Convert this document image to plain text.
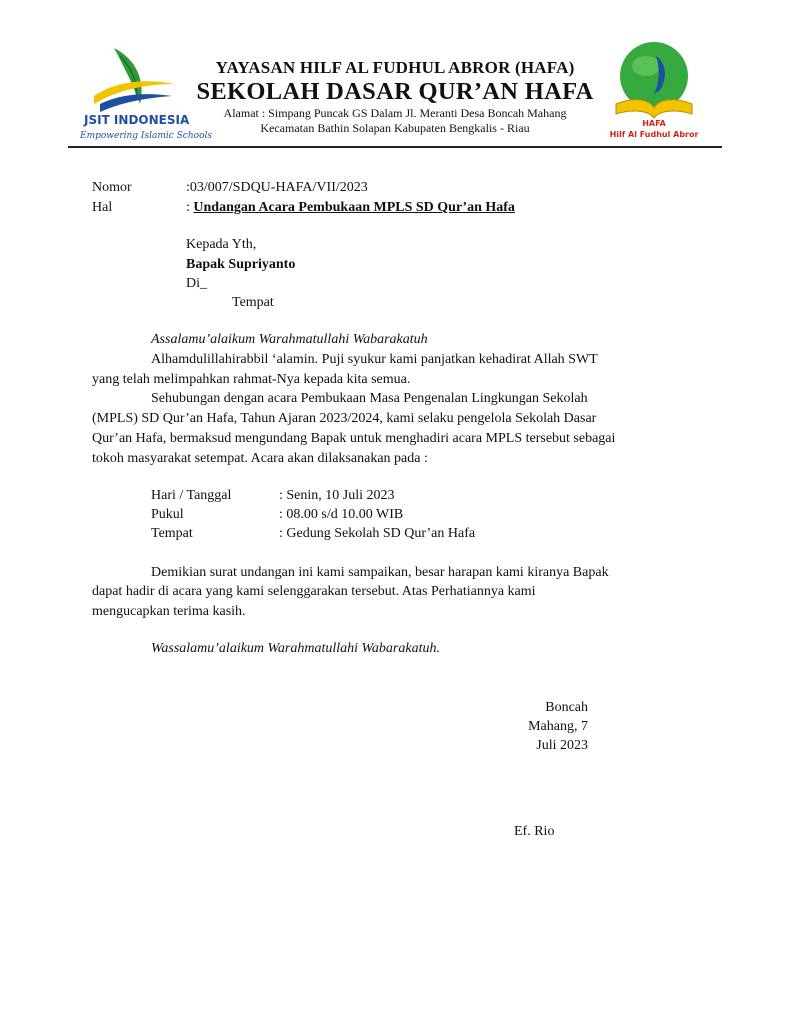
JSIT INDONESIA
Empowering Islamic Schools
HAFA
Hilf Al Fudhul Abror
YAYASAN HILF AL FUDHUL ABROR (HAFA)
SEKOLAH DASAR QUR’AN HAFA
Alamat : Simpang Puncak GS Dalam Jl. Meranti Desa Boncah Mahang
Kecamatan Bathin Solapan Kabupaten Bengkalis - Riau
Nomor	:03/007/SDQU-HAFA/VII/2023
Hal	: Undangan Acara Pembukaan MPLS SD Qur’an Hafa
Kepada Yth,
Bapak Supriyanto
Di_
Tempat
Assalamu’alaikum Warahmatullahi Wabarakatuh
Alhamdulillahirabbil ‘alamin. Puji syukur kami panjatkan kehadirat Allah SWT
yang telah melimpahkan rahmat-Nya kepada kita semua.
Sehubungan dengan acara Pembukaan Masa Pengenalan Lingkungan Sekolah
(MPLS) SD Qur’an Hafa, Tahun Ajaran 2023/2024, kami selaku pengelola Sekolah Dasar
Qur’an Hafa, bermaksud mengundang Bapak untuk menghadiri acara MPLS tersebut sebagai
tokoh masyarakat setempat. Acara akan dilaksanakan pada :
Hari / Tanggal	: Senin, 10 Juli 2023
Pukul	: 08.00 s/d 10.00 WIB
Tempat	: Gedung Sekolah SD Qur’an Hafa
Demikian surat undangan ini kami sampaikan, besar harapan kami kiranya Bapak
dapat hadir di acara yang kami selenggarakan tersebut. Atas Perhatiannya kami
mengucapkan terima kasih.
Wassalamu’alaikum Warahmatullahi Wabarakatuh.
Boncah
Mahang, 7
Juli 2023
Ef. Rio
